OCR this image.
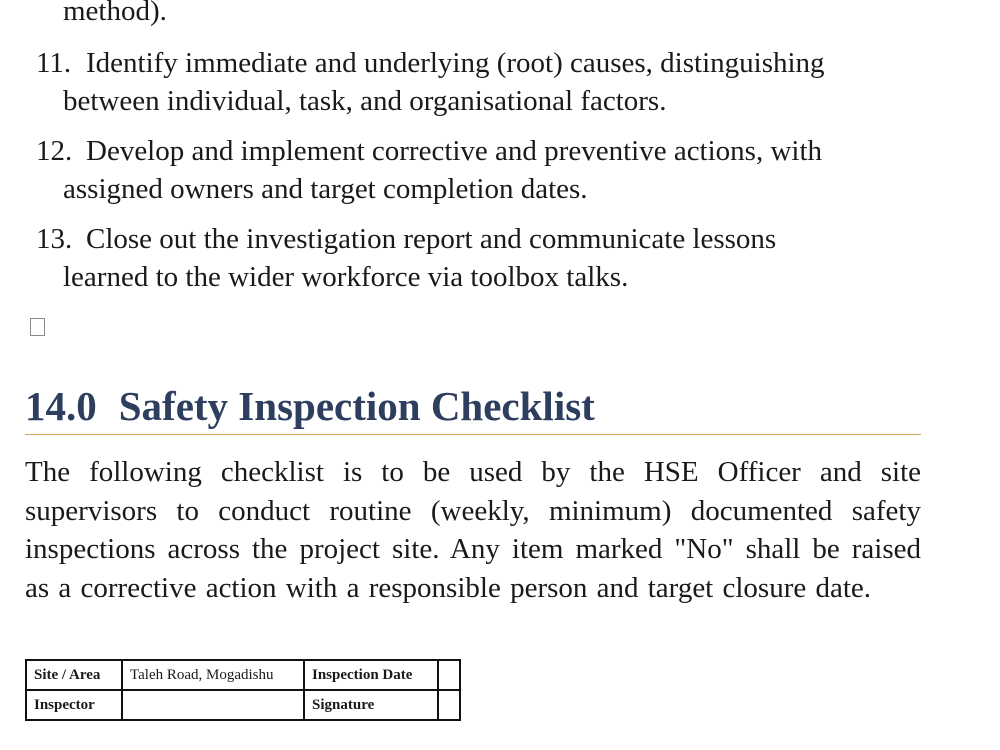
method).
11. Identify immediate and underlying (root) causes, distinguishing
between individual, task, and organisational factors.
12. Develop and implement corrective and preventive actions, with
assigned owners and target completion dates.
13. Close out the investigation report and communicate lessons
learned to the wider workforce via toolbox talks.
14.0 Safety Inspection Checklist

The following checklist is to be used by the HSE Officer and site supervisors to conduct routine (weekly, minimum) documented safety inspections across the project site. Any item marked "No" shall be raised as a corrective action with a responsible person and target closure date.

Site / Area	Taleh Road, Mogadishu	Inspection Date	
Inspector		Signature	
